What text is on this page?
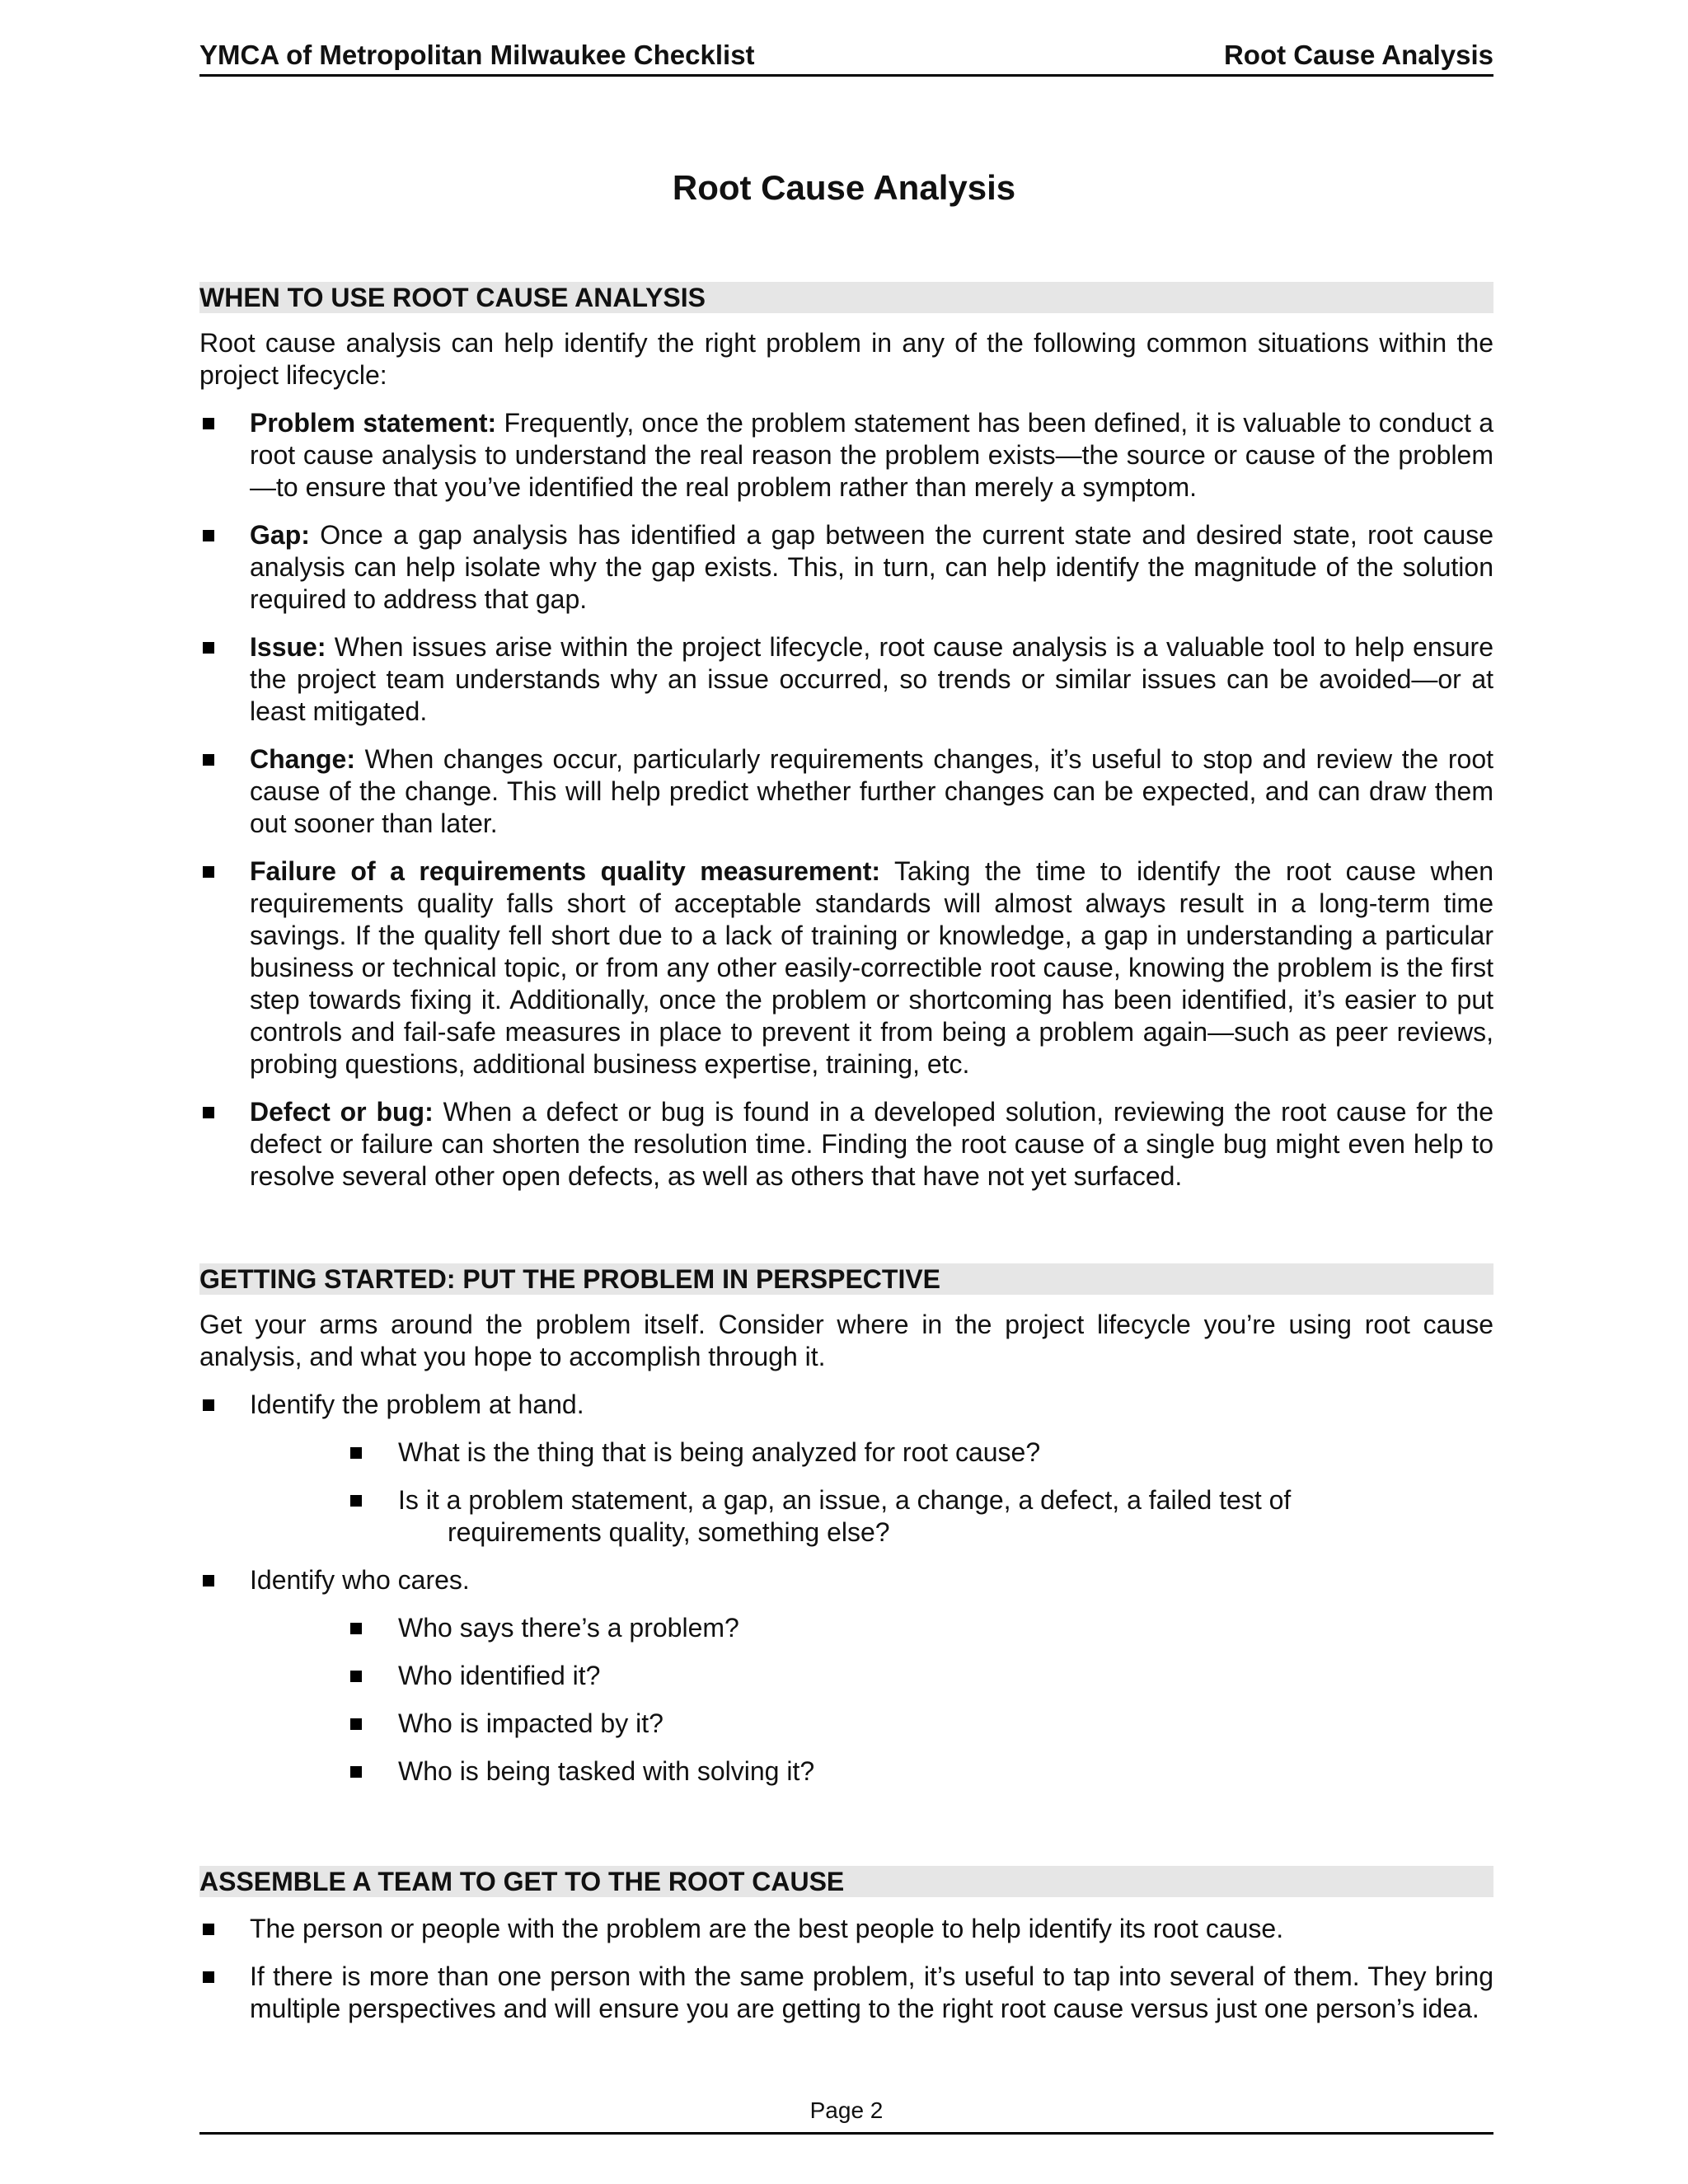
YMCA of Metropolitan Milwaukee Checklist	Root Cause Analysis
Root Cause Analysis
WHEN TO USE ROOT CAUSE ANALYSIS

Root cause analysis can help identify the right problem in any of the following common situations within the project lifecycle:

Problem statement: Frequently, once the problem statement has been defined, it is valuable to conduct a root cause analysis to understand the real reason the problem exists—the source or cause of the problem—to ensure that you’ve identified the real problem rather than merely a symptom.
Gap: Once a gap analysis has identified a gap between the current state and desired state, root cause analysis can help isolate why the gap exists. This, in turn, can help identify the magnitude of the solution required to address that gap.
Issue: When issues arise within the project lifecycle, root cause analysis is a valuable tool to help ensure the project team understands why an issue occurred, so trends or similar issues can be avoided—or at least mitigated.
Change: When changes occur, particularly requirements changes, it’s useful to stop and review the root cause of the change. This will help predict whether further changes can be expected, and can draw them out sooner than later.
Failure of a requirements quality measurement: Taking the time to identify the root cause when requirements quality falls short of acceptable standards will almost always result in a long-term time savings. If the quality fell short due to a lack of training or knowledge, a gap in understanding a particular business or technical topic, or from any other easily-correctible root cause, knowing the problem is the first step towards fixing it. Additionally, once the problem or shortcoming has been identified, it’s easier to put controls and fail-safe measures in place to prevent it from being a problem again—such as peer reviews, probing questions, additional business expertise, training, etc.
Defect or bug: When a defect or bug is found in a developed solution, reviewing the root cause for the defect or failure can shorten the resolution time. Finding the root cause of a single bug might even help to resolve several other open defects, as well as others that have not yet surfaced.
GETTING STARTED: PUT THE PROBLEM IN PERSPECTIVE

Get your arms around the problem itself. Consider where in the project lifecycle you’re using root cause analysis, and what you hope to accomplish through it.

Identify the problem at hand.
What is the thing that is being analyzed for root cause?
Is it a problem statement, a gap, an issue, a change, a defect, a failed test of
requirements quality, something else?
Identify who cares.
Who says there’s a problem?
Who identified it?
Who is impacted by it?
Who is being tasked with solving it?
ASSEMBLE A TEAM TO GET TO THE ROOT CAUSE
The person or people with the problem are the best people to help identify its root cause.
If there is more than one person with the same problem, it’s useful to tap into several of them. They bring multiple perspectives and will ensure you are getting to the right root cause versus just one person’s idea.
Page 2
